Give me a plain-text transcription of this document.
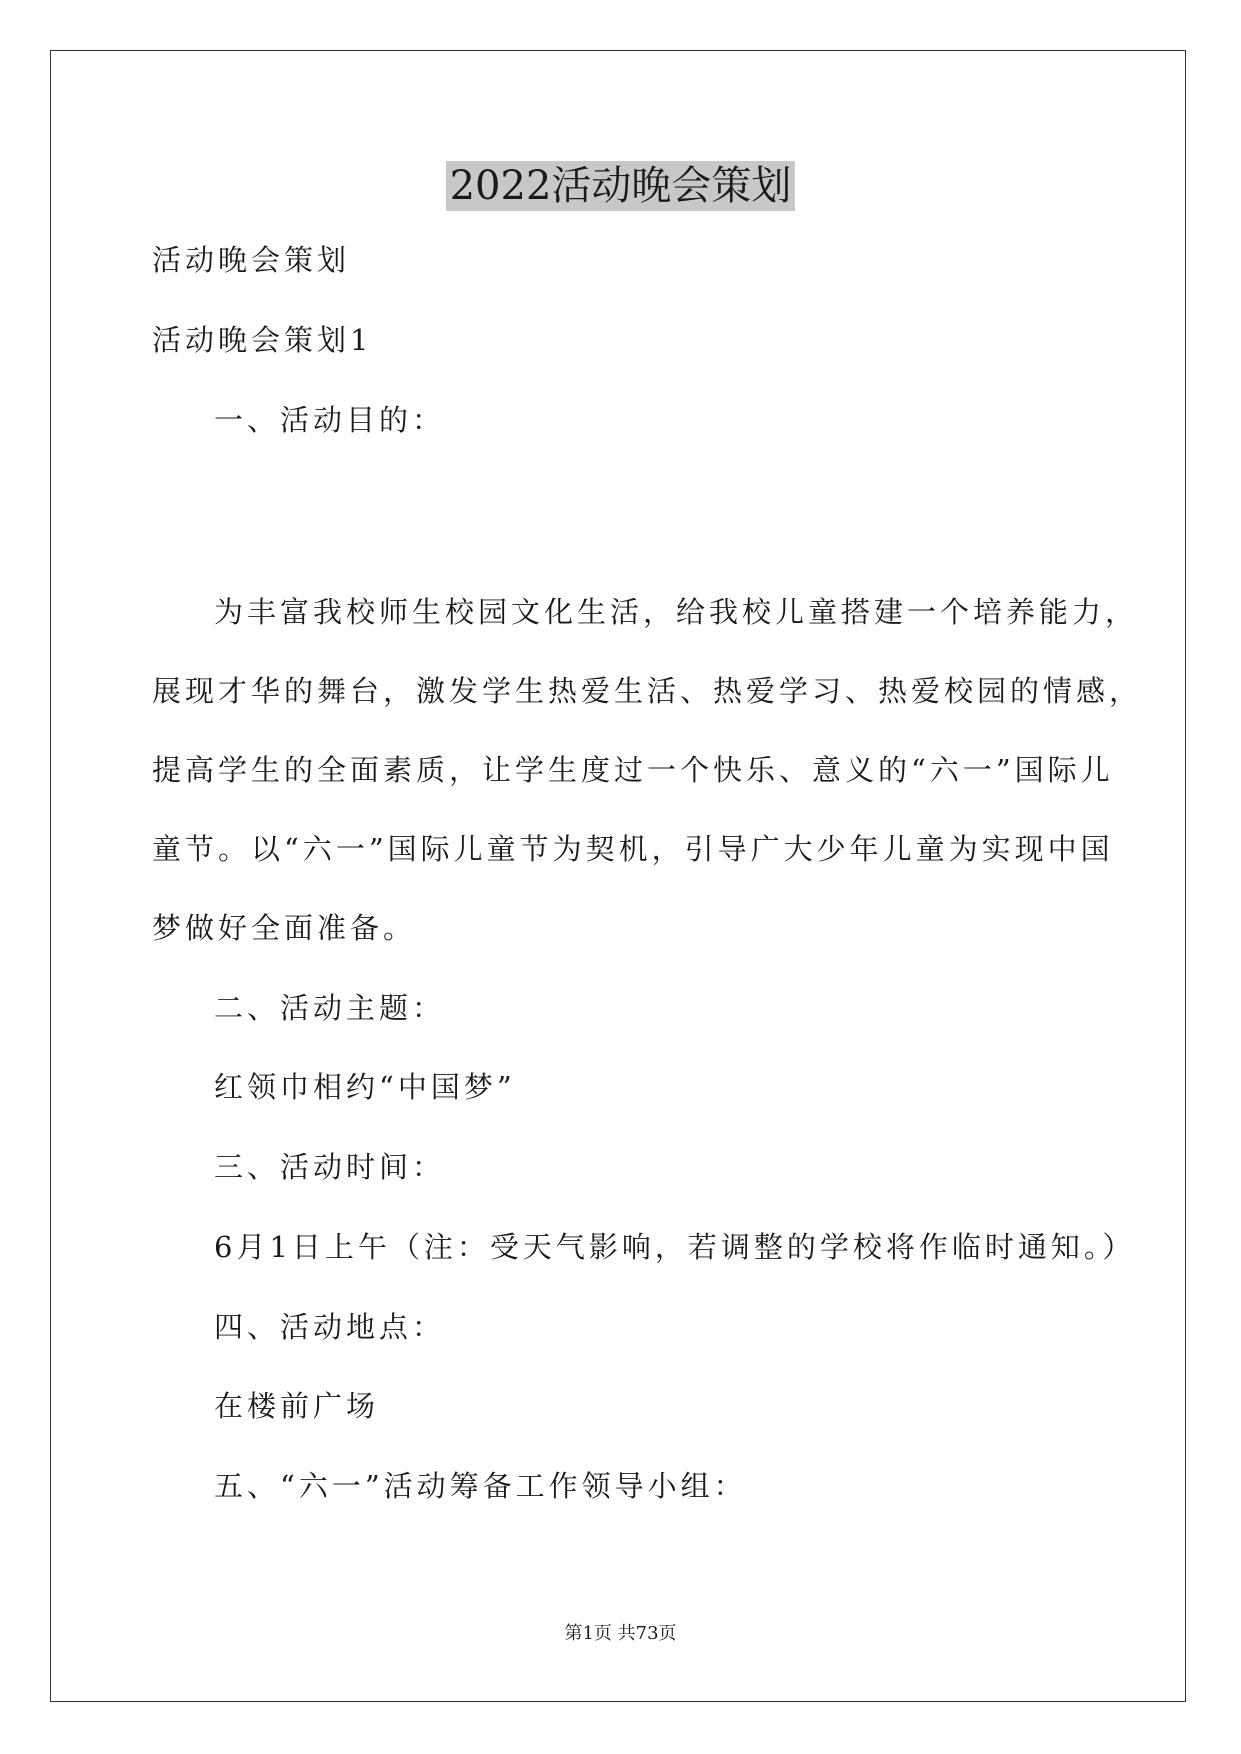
2022活动晚会策划
活动晚会策划
活动晚会策划1
一、活动目的：
为丰富我校师生校园文化生活，给我校儿童搭建一个培养能力，
展现才华的舞台，激发学生热爱生活、热爱学习、热爱校园的情感，
提高学生的全面素质，让学生度过一个快乐、意义的“六一”国际儿
童节。以“六一”国际儿童节为契机，引导广大少年儿童为实现中国
梦做好全面准备。
二、活动主题：
红领巾相约“中国梦”
三、活动时间：
6月1日上午（注：受天气影响，若调整的学校将作临时通知。）
四、活动地点：
在楼前广场
五、“六一”活动筹备工作领导小组：
第1页 共73页
